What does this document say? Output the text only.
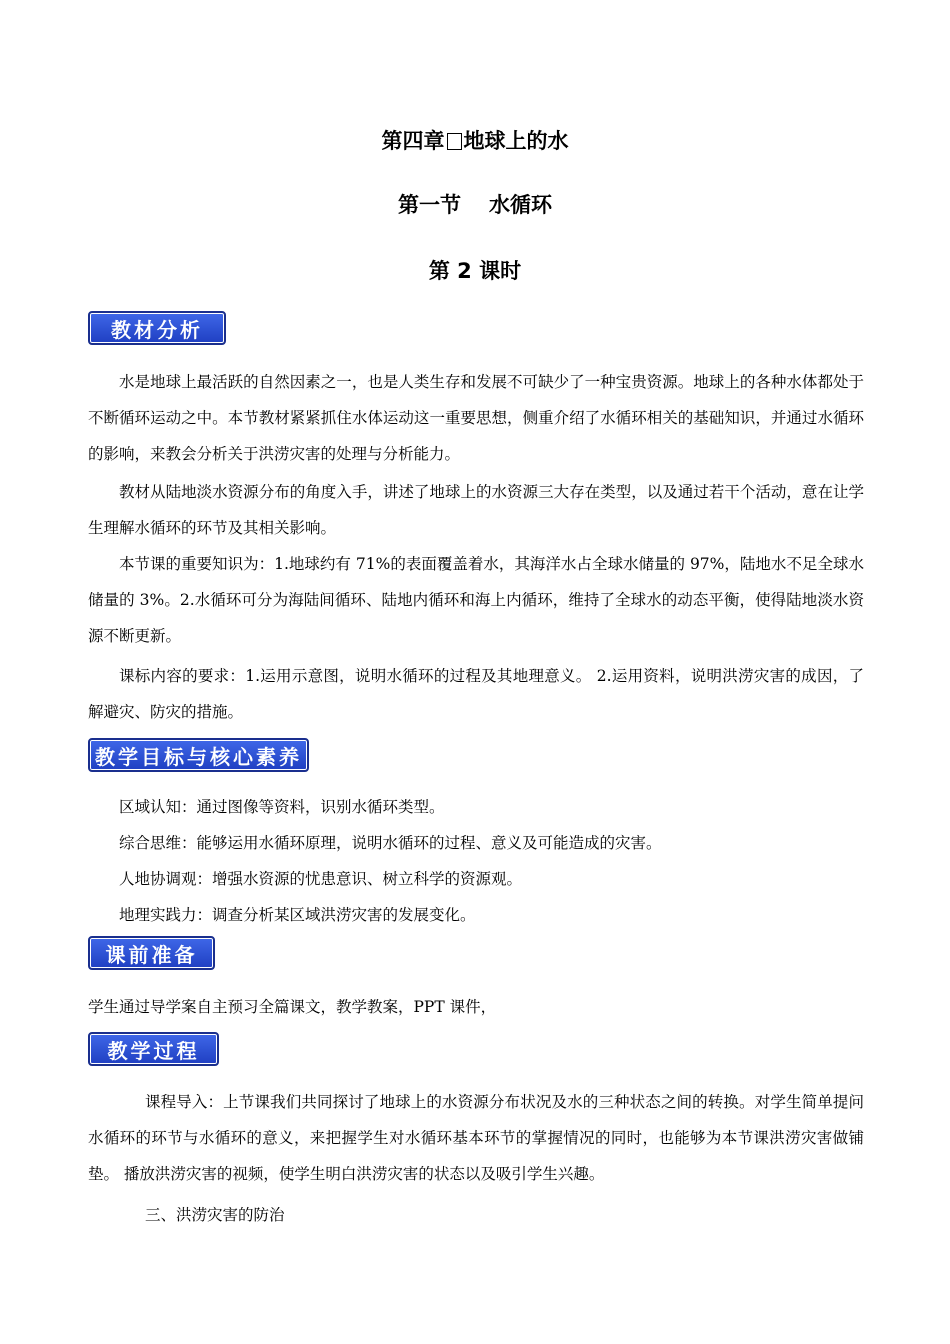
第四章 地球上的水
第一节 水循环
第 2 课时
教材分析
水是地球上最活跃的自然因素之一，也是人类生存和发展不可缺少了一种宝贵资源。地球上的各种水体都处于不断循环运动之中。本节教材紧紧抓住水体运动这一重要思想，侧重介绍了水循环相关的基础知识，并通过水循环的影响，来教会分析关于洪涝灾害的处理与分析能力。
教材从陆地淡水资源分布的角度入手，讲述了地球上的水资源三大存在类型，以及通过若干个活动，意在让学生理解水循环的环节及其相关影响。
本节课的重要知识为：1.地球约有 71%的表面覆盖着水，其海洋水占全球水储量的 97%，陆地水不足全球水储量的 3%。2.水循环可分为海陆间循环、陆地内循环和海上内循环，维持了全球水的动态平衡，使得陆地淡水资源不断更新。
课标内容的要求：1.运用示意图，说明水循环的过程及其地理意义。 2.运用资料，说明洪涝灾害的成因，了解避灾、防灾的措施。
教学目标与核心素养
区域认知：通过图像等资料，识别水循环类型。
综合思维：能够运用水循环原理，说明水循环的过程、意义及可能造成的灾害。
人地协调观：增强水资源的忧患意识、树立科学的资源观。
地理实践力：调查分析某区域洪涝灾害的发展变化。
课前准备
学生通过导学案自主预习全篇课文，教学教案，PPT 课件，
教学过程
课程导入：上节课我们共同探讨了地球上的水资源分布状况及水的三种状态之间的转换。对学生简单提问水循环的环节与水循环的意义，来把握学生对水循环基本环节的掌握情况的同时，也能够为本节课洪涝灾害做铺垫。 播放洪涝灾害的视频，使学生明白洪涝灾害的状态以及吸引学生兴趣。
三、洪涝灾害的防治
